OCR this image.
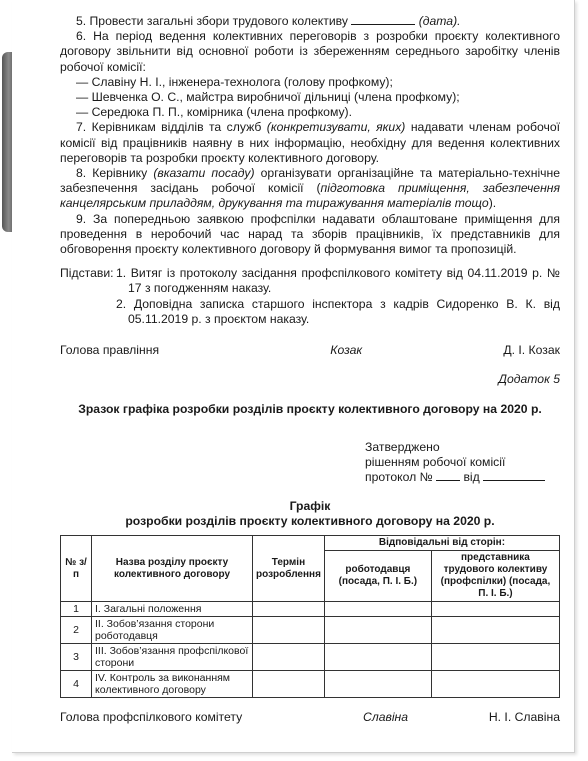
5. Провести загальні збори трудового колективу	(дата).

6. На період ведення колективних переговорів з розробки проєкту колективного договору звільнити від основної роботи із збереженням середнього заробітку членів робочої комісії:

— Славіну Н. І., інженера-технолога (голову профкому);

— Шевченка О. С., майстра виробничої дільниці (члена профкому);

— Середюка П. П., комірника (члена профкому).

7. Керівникам відділів та служб (конкретизувати, яких) надавати членам робочої комісії від працівників наявну в них інформацію, необхідну для ведення колективних переговорів та розробки проєкту колективного договору.

8. Керівнику (вказати посаду) організувати організаційне та матеріально-технічне забезпечення засідань робочої комісії (підготовка приміщення, забезпечення канцелярським приладдям, друкування та тиражування матеріалів тощо).

9. За попередньою заявкою профспілки надавати облаштоване приміщення для проведення в неробочий час нарад та зборів працівників, їх представників для обговорення проєкту колективного договору й формування вимог та пропозицій.

Підстави: 1. Витяг із протоколу засідання профспілкового комітету від 04.11.2019 р. № 17 з погодженням наказу.

2. Доповідна записка старшого інспектора з кадрів Сидоренко В. К. від 05.11.2019 р. з проєктом наказу.

Голова правління	Козак	Д. І. Козак
Додаток 5
Зразок графіка розробки розділів проєкту колективного договору на 2020 р.
Затверджено
рішенням робочої комісії
протокол №	від
Графік
розробки розділів проєкту колективного договору на 2020 р.
№ з/п	Назва розділу проєкту колективного договору	Термін розроблення	Відповідальні від сторін:	
			роботодавця (посада, П. І. Б.)	представника трудового колективу (профспілки) (посада, П. І. Б.)
1	І. Загальні положення			
2	ІІ. Зобов’язання сторони роботодавця			
3	ІІІ. Зобов’язання профспілкової сторони			
4	IV. Контроль за виконанням колективного договору			
Голова профспілкового комітету	Славіна	Н. І. Славіна
